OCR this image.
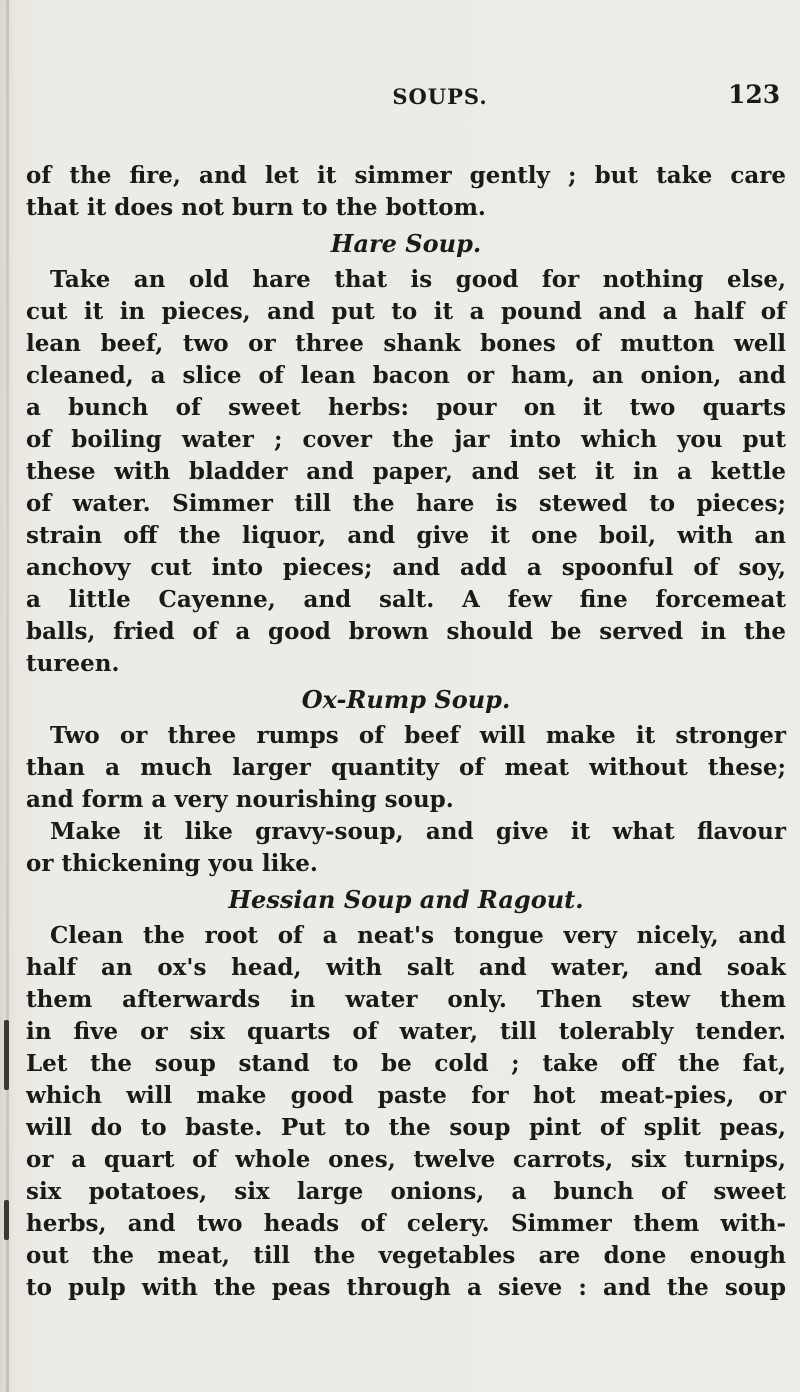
SOUPS.	123
of the fire, and let it simmer gently ; but take care
that it does not burn to the bottom.
Hare Soup.
Take an old hare that is good for nothing else,
cut it in pieces, and put to it a pound and a half of
lean beef, two or three shank bones of mutton well
cleaned, a slice of lean bacon or ham, an onion, and
a bunch of sweet herbs: pour on it two quarts
of boiling water ; cover the jar into which you put
these with bladder and paper, and set it in a kettle
of water. Simmer till the hare is stewed to pieces;
strain off the liquor, and give it one boil, with an
anchovy cut into pieces; and add a spoonful of soy,
a little Cayenne, and salt. A few fine forcemeat
balls, fried of a good brown should be served in the
tureen.
Ox-Rump Soup.
Two or three rumps of beef will make it stronger
than a much larger quantity of meat without these;
and form a very nourishing soup.
Make it like gravy-soup, and give it what flavour
or thickening you like.
Hessian Soup and Ragout.
Clean the root of a neat's tongue very nicely, and
half an ox's head, with salt and water, and soak
them afterwards in water only. Then stew them
in five or six quarts of water, till tolerably tender.
Let the soup stand to be cold ; take off the fat,
which will make good paste for hot meat-pies, or
will do to baste. Put to the soup pint of split peas,
or a quart of whole ones, twelve carrots, six turnips,
six potatoes, six large onions, a bunch of sweet
herbs, and two heads of celery. Simmer them with-
out the meat, till the vegetables are done enough
to pulp with the peas through a sieve : and the soup
